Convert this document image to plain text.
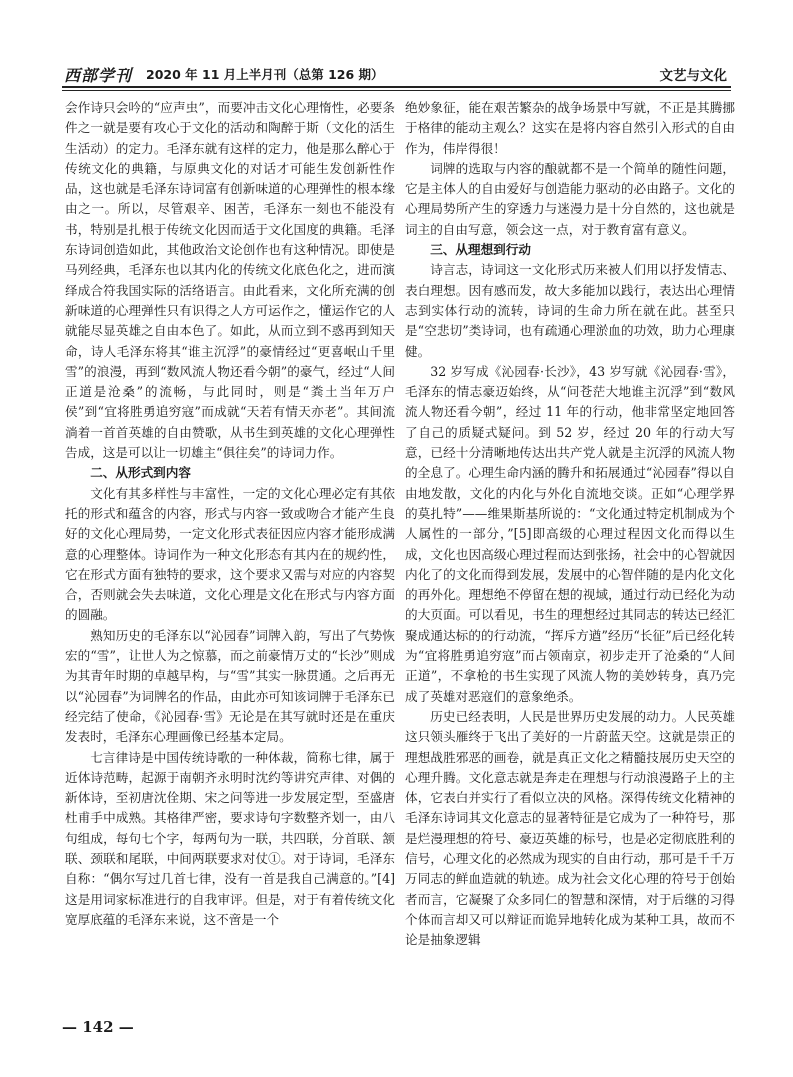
西部学刊 2020 年 11 月上半月刊（总第 126 期）	文艺与文化

会作诗只会吟的“应声虫”，而要冲击文化心理惰性，必要条件之一就是要有攻心于文化的活动和陶醉于斯（文化的活生生活动）的定力。毛泽东就有这样的定力，他是那么醉心于传统文化的典籍，与原典文化的对话才可能生发创新性作品，这也就是毛泽东诗词富有创新味道的心理弹性的根本缘由之一。所以，尽管艰辛、困苦，毛泽东一刻也不能没有书，特别是扎根于传统文化因而适于文化国度的典籍。毛泽东诗词创造如此，其他政治文论创作也有这种情况。即使是马列经典，毛泽东也以其内化的传统文化底色化之，进而演绎成合符我国实际的活络语言。由此看来，文化所充满的创新味道的心理弹性只有识得之人方可运作之，懂运作它的人就能尽显英雄之自由本色了。如此，从而立到不惑再到知天命，诗人毛泽东将其“谁主沉浮”的豪情经过“更喜岷山千里雪”的浪漫，再到“数风流人物还看今朝”的豪气，经过“人间正道是沧桑”的流畅，与此同时，则是“粪土当年万户侯”到“宜将胜勇追穷寇”而成就“天若有情天亦老”。其间流淌着一首首英雄的自由赞歌，从书生到英雄的文化心理弹性告成，这是可以让一切雄主“俱往矣”的诗词力作。

二、从形式到内容

文化有其多样性与丰富性，一定的文化心理必定有其依托的形式和蕴含的内容，形式与内容一致或吻合才能产生良好的文化心理局势，一定文化形式表征因应内容才能形成满意的心理整体。诗词作为一种文化形态有其内在的规约性，它在形式方面有独特的要求，这个要求又需与对应的内容契合，否则就会失去味道，文化心理是文化在形式与内容方面的圆融。

熟知历史的毛泽东以“沁园春”词牌入韵，写出了气势恢宏的“雪”，让世人为之惊慕，而之前豪情万丈的“长沙”则成为其青年时期的卓越早构，与“雪”其实一脉贯通。之后再无以“沁园春”为词牌名的作品，由此亦可知该词牌于毛泽东已经完结了使命，《沁园春·雪》无论是在其写就时还是在重庆发表时，毛泽东心理画像已经基本定局。

七言律诗是中国传统诗歌的一种体裁，简称七律，属于近体诗范畴，起源于南朝齐永明时沈约等讲究声律、对偶的新体诗，至初唐沈佺期、宋之问等进一步发展定型，至盛唐杜甫手中成熟。其格律严密，要求诗句字数整齐划一，由八句组成，每句七个字，每两句为一联，共四联，分首联、颔联、颈联和尾联，中间两联要求对仗①。对于诗词，毛泽东自称：“偶尔写过几首七律，没有一首是我自己满意的。”[4]这是用词家标准进行的自我审评。但是，对于有着传统文化宽厚底蕴的毛泽东来说，这不啻是一个

绝妙象征，能在艰苦繁杂的战争场景中写就，不正是其腾挪于格律的能动主观么？这实在是将内容自然引入形式的自由作为，伟岸得很！

词牌的选取与内容的酿就都不是一个简单的随性问题，它是主体人的自由爱好与创造能力驱动的必由路子。文化的心理局势所产生的穿透力与迷漫力是十分自然的，这也就是词主的自由写意，领会这一点，对于教育富有意义。

三、从理想到行动

诗言志，诗词这一文化形式历来被人们用以抒发情志、表白理想。因有感而发，故大多能加以践行，表达出心理情志到实体行动的流转，诗词的生命力所在就在此。甚至只是“空悲切”类诗词，也有疏通心理淤血的功效，助力心理康健。

32 岁写成《沁园春·长沙》，43 岁写就《沁园春·雪》，毛泽东的情志豪迈始终，从“问苍茫大地谁主沉浮”到“数风流人物还看今朝”，经过 11 年的行动，他非常坚定地回答了自己的质疑式疑问。到 52 岁，经过 20 年的行动大写意，已经十分清晰地传达出共产党人就是主沉浮的风流人物的全息了。心理生命内涵的腾升和拓展通过“沁园春”得以自由地发散，文化的内化与外化自流地交谈。正如“心理学界的莫扎特”——维果斯基所说的：“文化通过特定机制成为个人属性的一部分，”[5]即高级的心理过程因文化而得以生成，文化也因高级心理过程而达到张扬，社会中的心智就因内化了的文化而得到发展，发展中的心智伴随的是内化文化的再外化。理想绝不停留在想的视域，通过行动已经化为动的大页面。可以看见，书生的理想经过其同志的转达已经汇聚成通达标的的行动流，“挥斥方遒”经历“长征”后已经化转为“宜将胜勇追穷寇”而占领南京，初步走开了沧桑的“人间正道”，不拿枪的书生实现了风流人物的美妙转身，真乃完成了英雄对恶寇们的意象绝杀。

历史已经表明，人民是世界历史发展的动力。人民英雄这只领头雁终于飞出了美好的一片蔚蓝天空。这就是崇正的理想战胜邪恶的画卷，就是真正文化之精髓技展历史天空的心理升腾。文化意志就是奔走在理想与行动浪漫路子上的主体，它表白并实行了看似立决的风格。深得传统文化精神的毛泽东诗词其文化意志的显著特征是它成为了一种符号，那是烂漫理想的符号、豪迈英雄的标号，也是必定彻底胜利的信号，心理文化的必然成为现实的自由行动，那可是千千万万同志的鲜血造就的轨迹。成为社会文化心理的符号于创始者而言，它凝聚了众多同仁的智慧和深情，对于后继的习得个体而言却又可以辩证而诡异地转化成为某种工具，故而不论是抽象逻辑

— 142 —
